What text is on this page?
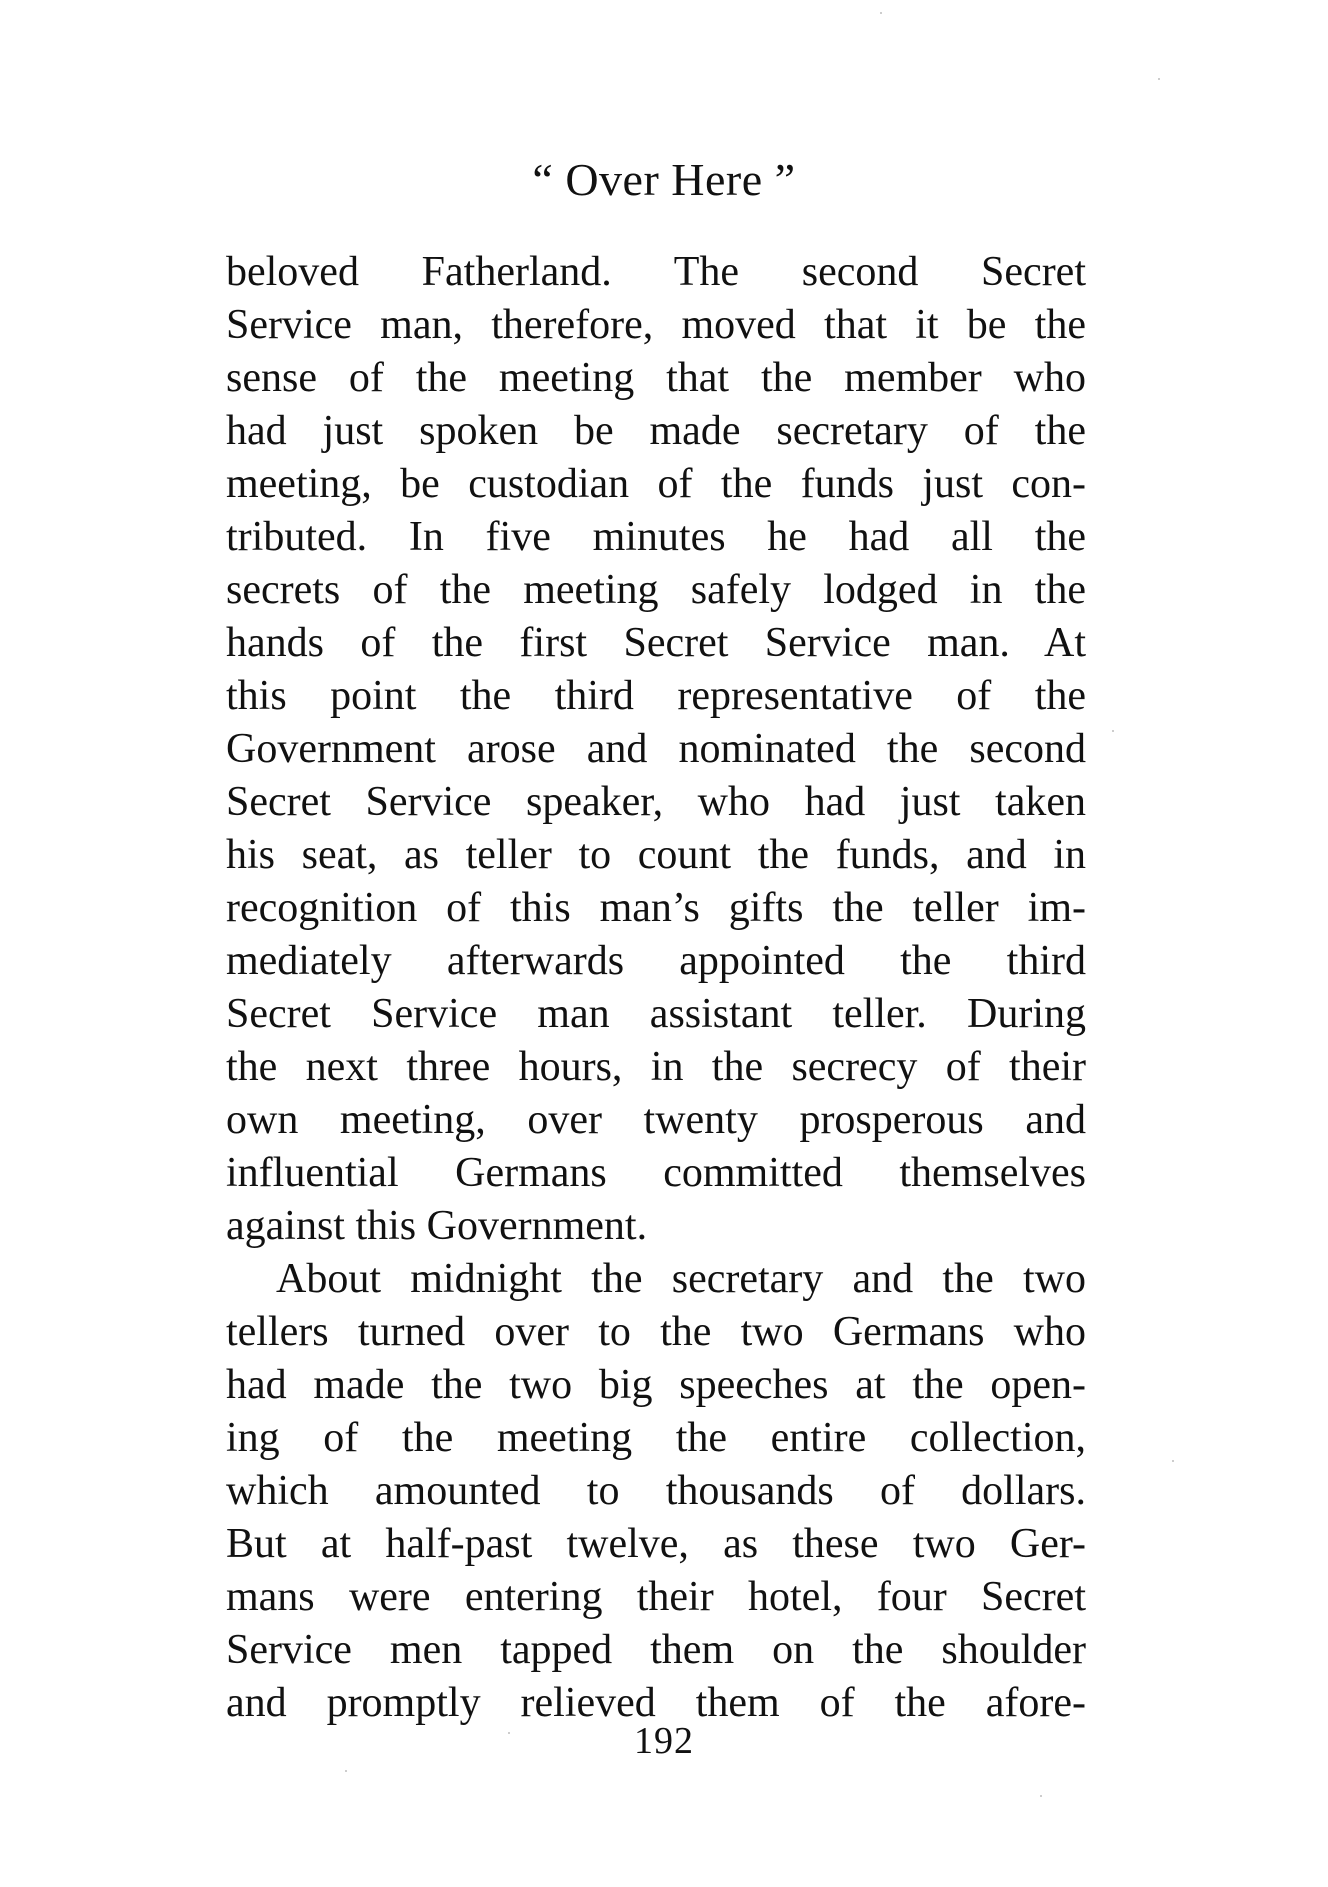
“ Over Here ”
beloved Fatherland. The second Secret
Service man, therefore, moved that it be the
sense of the meeting that the member who
had just spoken be made secretary of the
meeting, be custodian of the funds just con-
tributed. In five minutes he had all the
secrets of the meeting safely lodged in the
hands of the first Secret Service man. At
this point the third representative of the
Government arose and nominated the second
Secret Service speaker, who had just taken
his seat, as teller to count the funds, and in
recognition of this man’s gifts the teller im-
mediately afterwards appointed the third
Secret Service man assistant teller. During
the next three hours, in the secrecy of their
own meeting, over twenty prosperous and
influential Germans committed themselves
against this Government.
About midnight the secretary and the two
tellers turned over to the two Germans who
had made the two big speeches at the open-
ing of the meeting the entire collection,
which amounted to thousands of dollars.
But at half-past twelve, as these two Ger-
mans were entering their hotel, four Secret
Service men tapped them on the shoulder
and promptly relieved them of the afore-
192
